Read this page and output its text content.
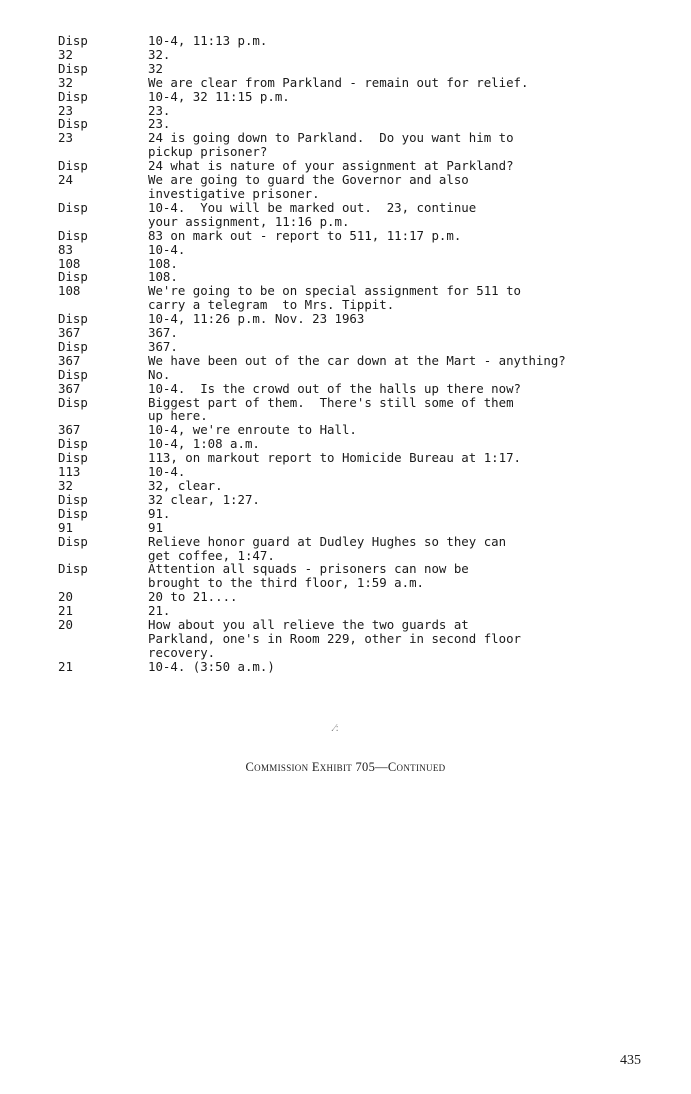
Disp	10-4, 11:13 p.m.
32	32.
Disp	32
32	We are clear from Parkland - remain out for relief.
Disp	10-4, 32 11:15 p.m.
23	23.
Disp	23.
23	24 is going down to Parkland.  Do you want him to
pickup prisoner?
Disp	24 what is nature of your assignment at Parkland?
24	We are going to guard the Governor and also
investigative prisoner.
Disp	10-4.  You will be marked out.  23, continue
your assignment, 11:16 p.m.
Disp	83 on mark out - report to 511, 11:17 p.m.
83	10-4.
108	108.
Disp	108.
108	We're going to be on special assignment for 511 to
carry a telegram  to Mrs. Tippit.
Disp	10-4, 11:26 p.m. Nov. 23 1963
367	367.
Disp	367.
367	We have been out of the car down at the Mart - anything?
Disp	No.
367	10-4.  Is the crowd out of the halls up there now?
Disp	Biggest part of them.  There's still some of them
up here.
367	10-4, we're enroute to Hall.
Disp	10-4, 1:08 a.m.
Disp	113, on markout report to Homicide Bureau at 1:17.
113	10-4.
32	32, clear.
Disp	32 clear, 1:27.
Disp	91.
91	91
Disp	Relieve honor guard at Dudley Hughes so they can
get coffee, 1:47.
Disp	Attention all squads - prisoners can now be
brought to the third floor, 1:59 a.m.
20	20 to 21....
21	21.
20	How about you all relieve the two guards at
Parkland, one's in Room 229, other in second floor
recovery.
21	10-4. (3:50 a.m.)
.⁄:
Commission Exhibit 705—Continued
435
